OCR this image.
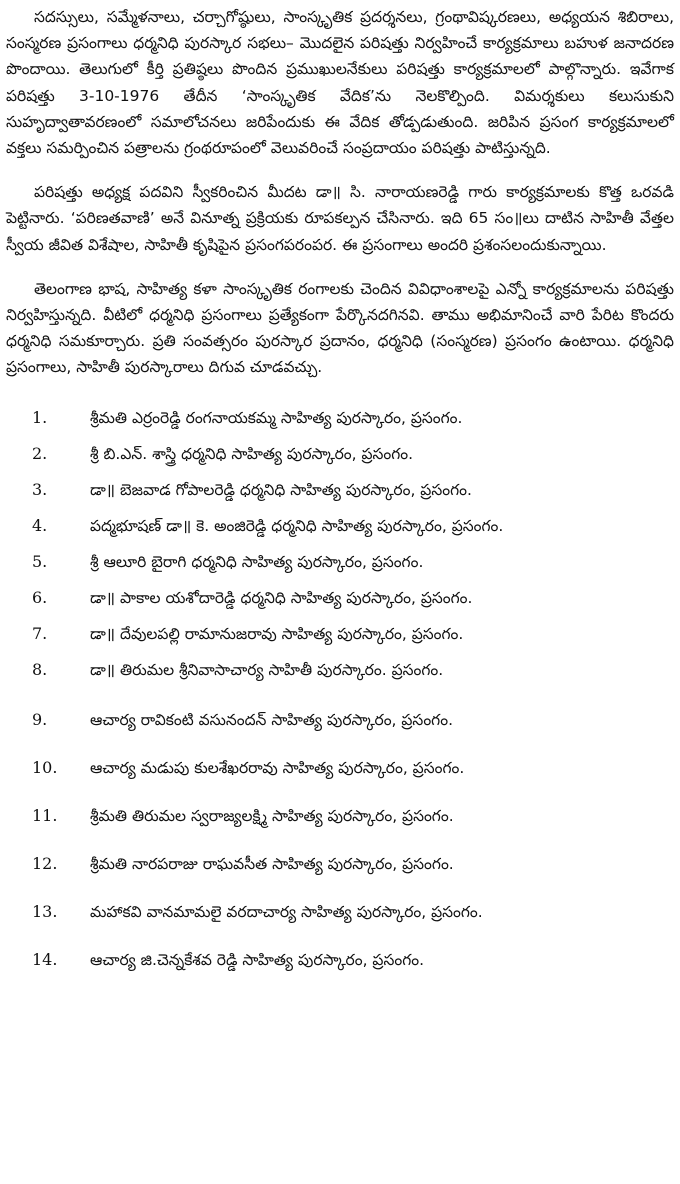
సదస్సులు, సమ్మేళనాలు, చర్చాగోష్ఠులు, సాంస్కృతిక ప్రదర్శనలు, గ్రంథావిష్కరణలు, అధ్యయన శిబిరాలు, సంస్మరణ ప్రసంగాలు ధర్మనిధి పురస్కార సభలు– మొదలైన పరిషత్తు నిర్వహించే కార్యక్రమాలు బహుళ జనాదరణ పొందాయి. తెలుగులో కీర్తి ప్రతిష్ఠలు పొందిన ప్రముఖులనేకులు పరిషత్తు కార్యక్రమాలలో పాల్గొన్నారు. ఇవేగాక పరిషత్తు 3-10-1976 తేదీన ‘సాంస్కృతిక వేదిక’ను నెలకొల్పింది. విమర్శకులు కలుసుకుని సుహృద్వాతావరణంలో సమాలోచనలు జరిపేందుకు ఈ వేదిక తోడ్పడుతుంది. జరిపిన ప్రసంగ కార్యక్రమాలలో వక్తలు సమర్పించిన పత్రాలను గ్రంథరూపంలో వెలువరించే సంప్రదాయం పరిషత్తు పాటిస్తున్నది.

పరిషత్తు అధ్యక్ష పదవిని స్వీకరించిన మీదట డా॥ సి. నారాయణరెడ్డి గారు కార్యక్రమాలకు కొత్త ఒరవడి పెట్టినారు. ‘పరిణతవాణి’ అనే వినూత్న ప్రక్రియకు రూపకల్పన చేసినారు. ఇది 65 సం॥లు దాటిన సాహితీ వేత్తల స్వీయ జీవిత విశేషాల, సాహితీ కృషిపైన ప్రసంగపరంపర. ఈ ప్రసంగాలు అందరి ప్రశంసలందుకున్నాయి.

తెలంగాణ భాష, సాహిత్య కళా సాంస్కృతిక రంగాలకు చెందిన వివిధాంశాలపై ఎన్నో కార్యక్రమాలను పరిషత్తు నిర్వహిస్తున్నది. వీటిలో ధర్మనిధి ప్రసంగాలు ప్రత్యేకంగా పేర్కొనదగినవి. తాము అభిమానించే వారి పేరిట కొందరు ధర్మనిధి సమకూర్చారు. ప్రతి సంవత్సరం పురస్కార ప్రదానం, ధర్మనిధి (సంస్మరణ) ప్రసంగం ఉంటాయి. ధర్మనిధి ప్రసంగాలు, సాహితీ పురస్కారాలు దిగువ చూడవచ్చు.

1.	శ్రీమతి ఎర్రంరెడ్డి రంగనాయకమ్మ సాహిత్య పురస్కారం, ప్రసంగం.
2.	శ్రీ బి.ఎన్. శాస్త్రి ధర్మనిధి సాహిత్య పురస్కారం, ప్రసంగం.
3.	డా॥ బెజవాడ గోపాలరెడ్డి ధర్మనిధి సాహిత్య పురస్కారం, ప్రసంగం.
4.	పద్మభూషణ్ డా॥ కె. అంజిరెడ్డి ధర్మనిధి సాహిత్య పురస్కారం, ప్రసంగం.
5.	శ్రీ ఆలూరి బైరాగి ధర్మనిధి సాహిత్య పురస్కారం, ప్రసంగం.
6.	డా॥ పాకాల యశోదారెడ్డి ధర్మనిధి సాహిత్య పురస్కారం, ప్రసంగం.
7.	డా॥ దేవులపల్లి రామానుజరావు సాహిత్య పురస్కారం, ప్రసంగం.
8.	డా॥ తిరుమల శ్రీనివాసాచార్య సాహితీ పురస్కారం. ప్రసంగం.
9.	ఆచార్య రావికంటి వసునందన్ సాహిత్య పురస్కారం, ప్రసంగం.
10.	ఆచార్య మడుపు కులశేఖరరావు సాహిత్య పురస్కారం, ప్రసంగం.
11.	శ్రీమతి తిరుమల స్వరాజ్యలక్ష్మి సాహిత్య పురస్కారం, ప్రసంగం.
12.	శ్రీమతి నారపరాజు రాఘవసీత సాహిత్య పురస్కారం, ప్రసంగం.
13.	మహాకవి వానమామలై వరదాచార్య సాహిత్య పురస్కారం, ప్రసంగం.
14.	ఆచార్య జి.చెన్నకేశవ రెడ్డి సాహిత్య పురస్కారం, ప్రసంగం.
